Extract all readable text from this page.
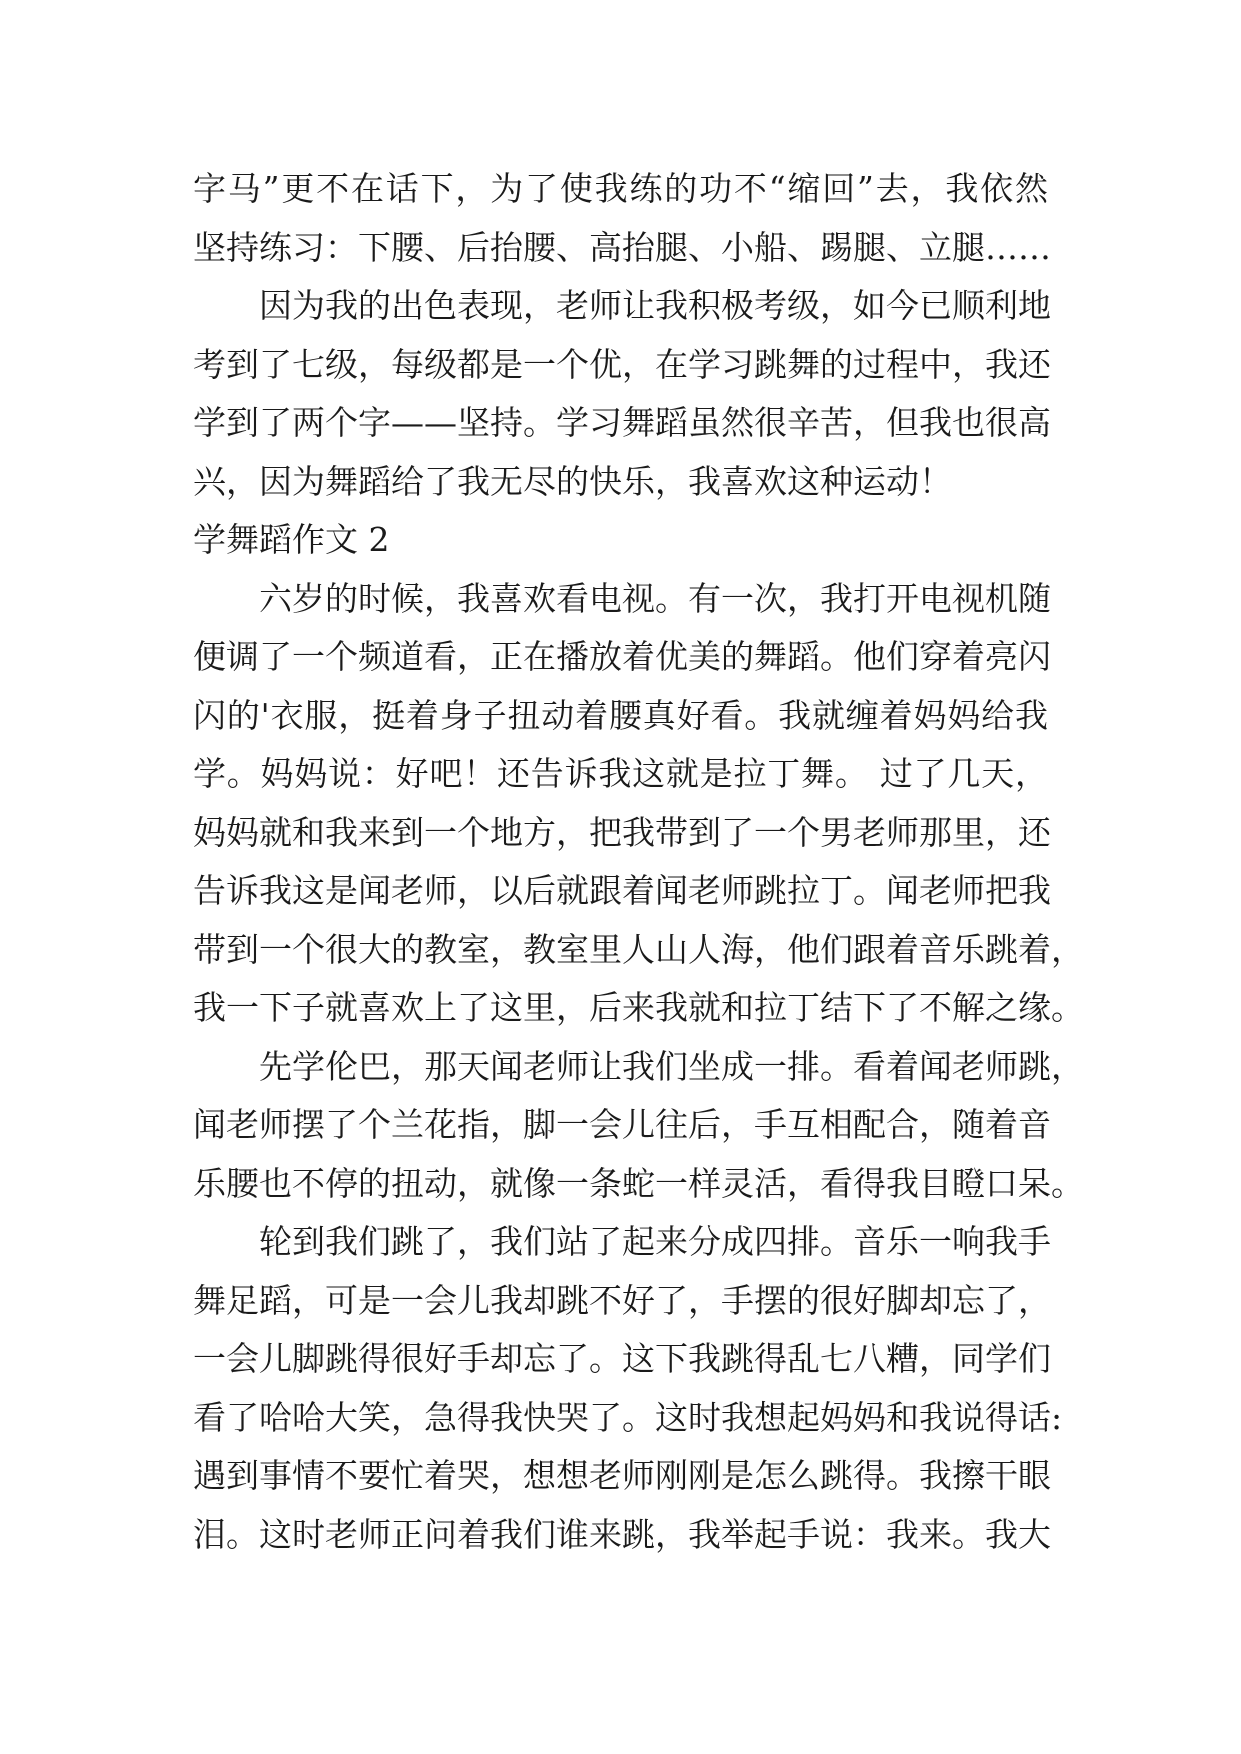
字马”更不在话下，为了使我练的功不“缩回”去，我依然
坚持练习：下腰、后抬腰、高抬腿、小船、踢腿、立腿……
因为我的出色表现，老师让我积极考级，如今已顺利地
考到了七级，每级都是一个优，在学习跳舞的过程中，我还
学到了两个字——坚持。学习舞蹈虽然很辛苦，但我也很高
兴，因为舞蹈给了我无尽的快乐，我喜欢这种运动！
学舞蹈作文 2
六岁的时候，我喜欢看电视。有一次，我打开电视机随
便调了一个频道看，正在播放着优美的舞蹈。他们穿着亮闪
闪的'衣服，挺着身子扭动着腰真好看。我就缠着妈妈给我
学。妈妈说：好吧！还告诉我这就是拉丁舞。 过了几天，
妈妈就和我来到一个地方，把我带到了一个男老师那里，还
告诉我这是闻老师，以后就跟着闻老师跳拉丁。闻老师把我
带到一个很大的教室，教室里人山人海，他们跟着音乐跳着，
我一下子就喜欢上了这里，后来我就和拉丁结下了不解之缘。
先学伦巴，那天闻老师让我们坐成一排。看着闻老师跳，
闻老师摆了个兰花指，脚一会儿往后，手互相配合，随着音
乐腰也不停的扭动，就像一条蛇一样灵活，看得我目瞪口呆。
轮到我们跳了，我们站了起来分成四排。音乐一响我手
舞足蹈，可是一会儿我却跳不好了，手摆的很好脚却忘了，
一会儿脚跳得很好手却忘了。这下我跳得乱七八糟，同学们
看了哈哈大笑，急得我快哭了。这时我想起妈妈和我说得话:
遇到事情不要忙着哭，想想老师刚刚是怎么跳得。我擦干眼
泪。这时老师正问着我们谁来跳，我举起手说：我来。我大
